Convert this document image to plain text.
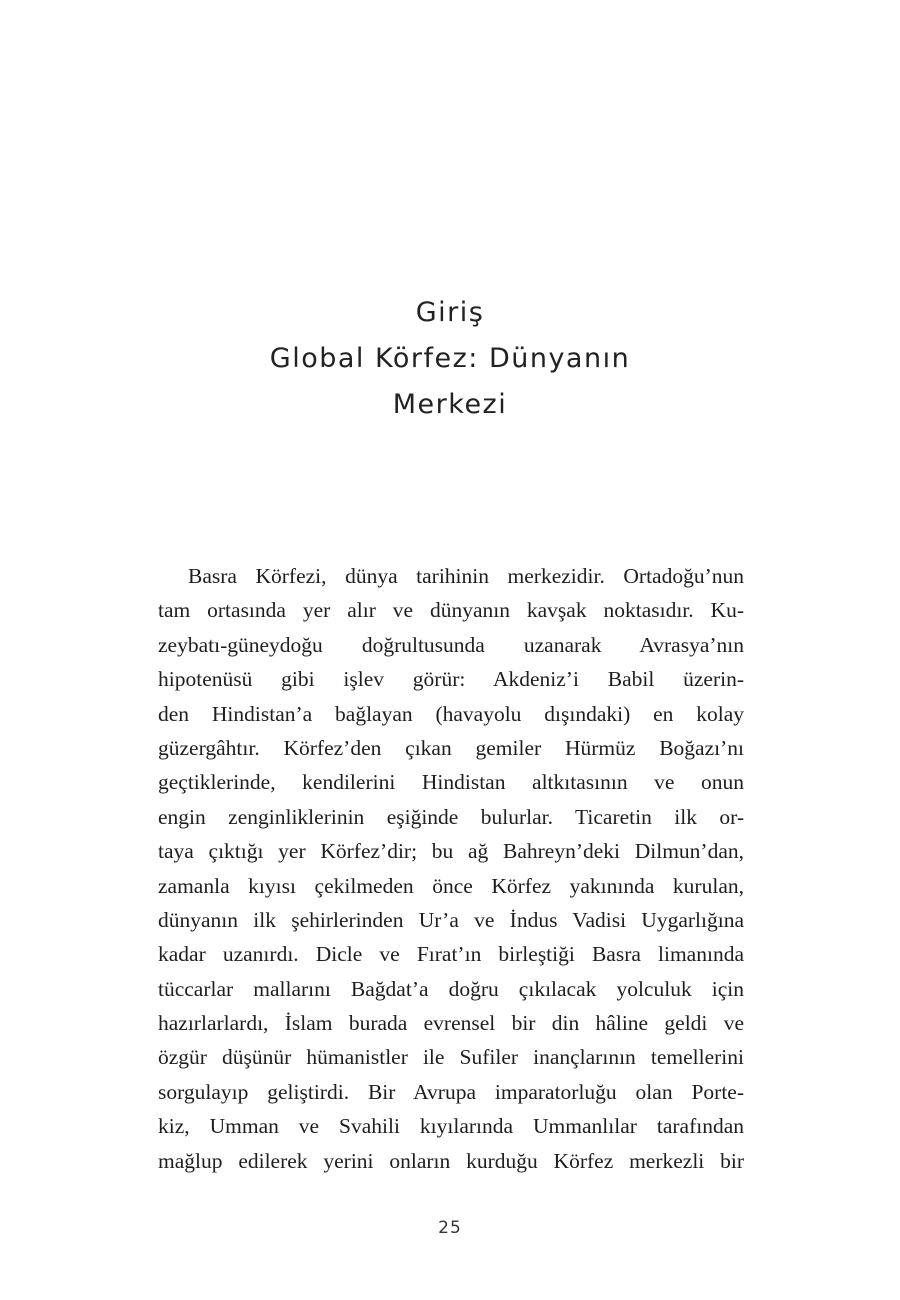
Giriş
Global Körfez: Dünyanın
Merkezi
Basra Körfezi, dünya tarihinin merkezidir. Ortadoğu’nun
tam ortasında yer alır ve dünyanın kavşak noktasıdır. Ku-
zeybatı-güneydoğu doğrultusunda uzanarak Avrasya’nın
hipotenüsü gibi işlev görür: Akdeniz’i Babil üzerin-
den Hindistan’a bağlayan (havayolu dışındaki) en kolay
güzergâhtır. Körfez’den çıkan gemiler Hürmüz Boğazı’nı
geçtiklerinde, kendilerini Hindistan altkıtasının ve onun
engin zenginliklerinin eşiğinde bulurlar. Ticaretin ilk or-
taya çıktığı yer Körfez’dir; bu ağ Bahreyn’deki Dilmun’dan,
zamanla kıyısı çekilmeden önce Körfez yakınında kurulan,
dünyanın ilk şehirlerinden Ur’a ve İndus Vadisi Uygarlığına
kadar uzanırdı. Dicle ve Fırat’ın birleştiği Basra limanında
tüccarlar mallarını Bağdat’a doğru çıkılacak yolculuk için
hazırlarlardı, İslam burada evrensel bir din hâline geldi ve
özgür düşünür hümanistler ile Sufiler inançlarının temellerini
sorgulayıp geliştirdi. Bir Avrupa imparatorluğu olan Porte-
kiz, Umman ve Svahili kıyılarında Ummanlılar tarafından
mağlup edilerek yerini onların kurduğu Körfez merkezli bir
25
